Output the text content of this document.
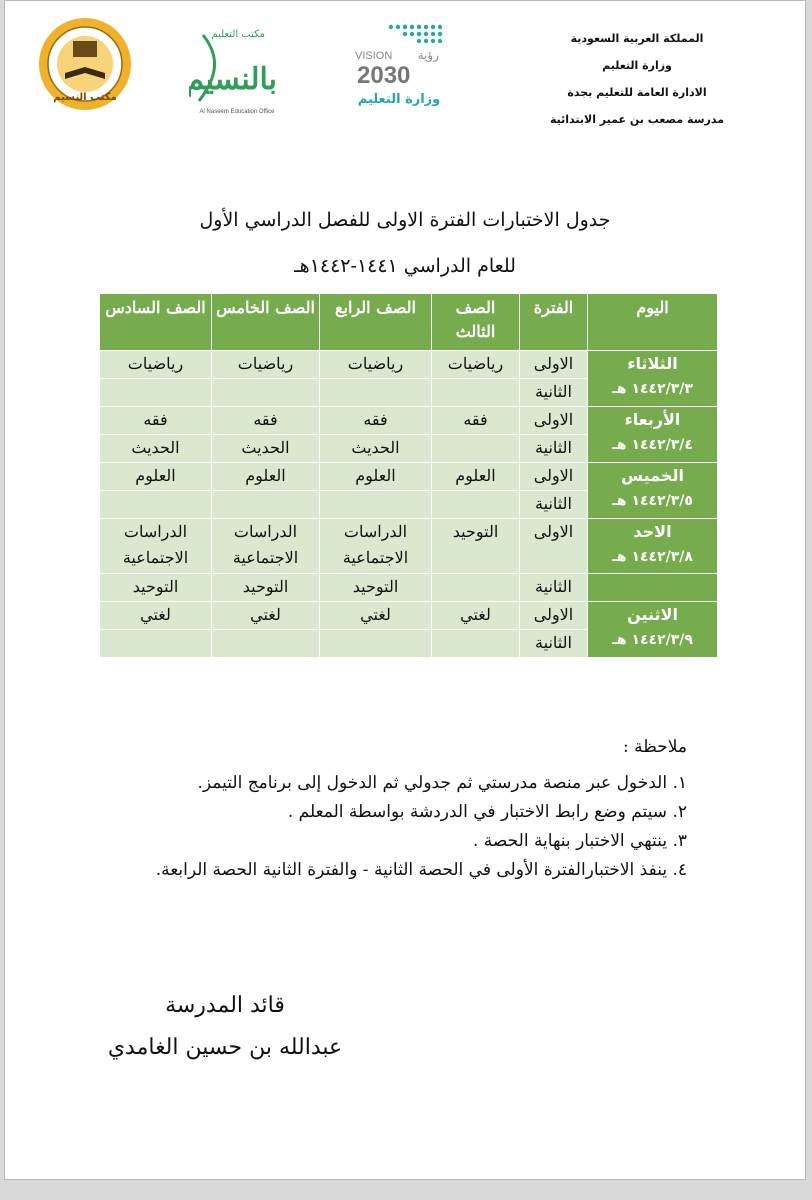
المملكة العربية السعودية
وزارة التعليم
الادارة العامة للتعليم بجدة
مدرسة مصعب بن عمير الابتدائية
VISION رؤية
2030
وزارة التعليم
مكتب التعليم
بالنسيم
Al Naseem Education Office
مكتب النسيم
جدول الاختبارات الفترة الاولى للفصل الدراسي الأول
للعام الدراسي ١٤٤١-١٤٤٢هـ
اليوم	الفترة	الصف الثالث	الصف الرابع	الصف الخامس	الصف السادس

الثلاثاء
١٤٤٢/٣/٣ هـ	الاولى	رياضيات	رياضيات	رياضيات	رياضيات
	الثانية				

الأربعاء
١٤٤٢/٣/٤ هـ	الاولى	فقه	فقه	فقه	فقه
	الثانية		الحديث	الحديث	الحديث

الخميس
١٤٤٢/٣/٥ هـ	الاولى	العلوم	العلوم	العلوم	العلوم
	الثانية				

الاحد
١٤٤٢/٣/٨ هـ	الاولى	التوحيد	الدراسات الاجتماعية	الدراسات الاجتماعية	الدراسات الاجتماعية
	الثانية		التوحيد	التوحيد	التوحيد

الاثنين
١٤٤٢/٣/٩ هـ	الاولى	لغتي	لغتي	لغتي	لغتي
	الثانية				
ملاحظة :
١. الدخول عبر منصة مدرستي ثم جدولي ثم الدخول إلى برنامج التيمز.
٢. سيتم وضع رابط الاختبار في الدردشة بواسطة المعلم .
٣. ينتهي الاختبار بنهاية الحصة .
٤. ينفذ الاختبارالفترة الأولى في الحصة الثانية - والفترة الثانية الحصة الرابعة.
قائد المدرسة
عبدالله بن حسين الغامدي
